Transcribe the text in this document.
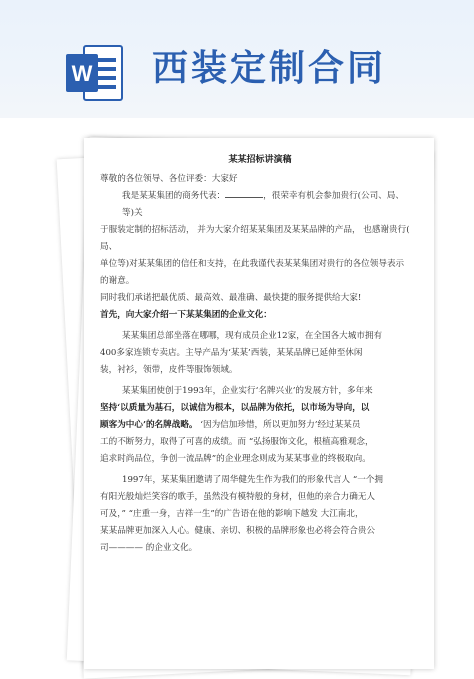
W 西装定制合同
某某招标讲演稿

尊敬的各位领导、各位评委：大家好

我是某某集团的商务代表：	，很荣幸有机会参加贵行(公司、局、

等)关

于服装定制的招标活动， 并为大家介绍某某集团及某某品牌的产品， 也感谢贵行(

局、

单位等)对某某集团的信任和支持，在此我谨代表某某集团对贵行的各位领导表示

的谢意。

同时我们承诺把最优质、最高效、最准确、最快捷的服务提供给大家!

首先，向大家介绍一下某某集团的企业文化：

某某集团总部坐落在哪哪，现有成员企业12家，在全国各大城市拥有

400多家连锁专卖店。主导产品为‘某某’西装，某某品牌已延伸至休闲

装，衬衫，领带，皮件等服饰领域。

某某集团使创于1993年，企业实行‘名牌兴业’的发展方针，多年来

坚持‘以质量为基石，以诚信为根本，以品牌为依托，以市场为导向，以

顾客为中心’的名牌战略。 ‘因为信加珍惜，所以更加努力’经过某某员

工的不断努力，取得了可喜的成绩。而 “弘扬服饰文化，根植高雅观念，

追求时尚品位，争创一流品牌”的企业理念则成为某某事业的终极取向。

1997年，某某集团邀请了周华健先生作为我们的形象代言人 “一个拥

有阳光般灿烂笑容的歌手，虽然没有模特般的身材，但他的亲合力确无人

可及，” “庄重一身，吉祥一生”的广告语在他的影响下越发 大江南北，

某某品牌更加深入人心。健康、亲切、积极的品牌形象也必将会符合贵公

司———— 的企业文化。
